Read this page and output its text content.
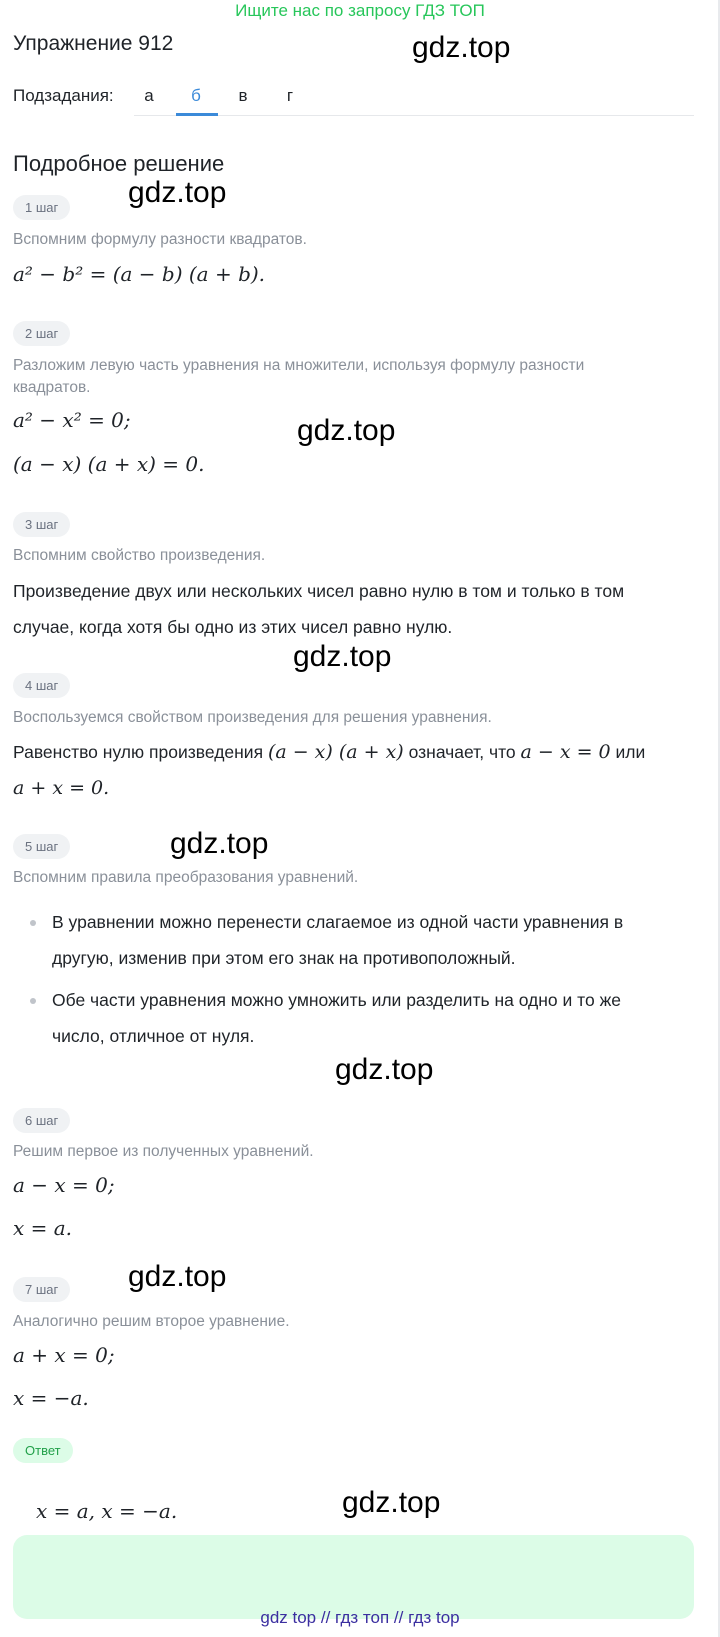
Ищите нас по запросу ГДЗ ТОП
Упражнение 912	gdz.top
Подзадания:	а	б	в	г
Подробное решение
1 шаг	gdz.top
Вспомним формулу разности квадратов.
a² − b² = (a − b) (a + b).
2 шаг
Разложим левую часть уравнения на множители, используя формулу разности квадратов.
a² − x² = 0;	gdz.top
(a − x) (a + x) = 0.
3 шаг
Вспомним свойство произведения.
Произведение двух или нескольких чисел равно нулю в том и только в том случае, когда хотя бы одно из этих чисел равно нулю.
gdz.top
4 шаг
Воспользуемся свойством произведения для решения уравнения.
Равенство нулю произведения (a − x) (a + x) означает, что a − x = 0 или
a + x = 0.
5 шаг	gdz.top
Вспомним правила преобразования уравнений.
В уравнении можно перенести слагаемое из одной части уравнения в другую, изменив при этом его знак на противоположный.
Обе части уравнения можно умножить или разделить на одно и то же число, отличное от нуля.
gdz.top
6 шаг
Решим первое из полученных уравнений.
a − x = 0;
x = a.
7 шаг	gdz.top
Аналогично решим второе уравнение.
a + x = 0;
x = −a.
Ответ
x = a, x = −a.	gdz.top
gdz top // гдз топ // гдз top
